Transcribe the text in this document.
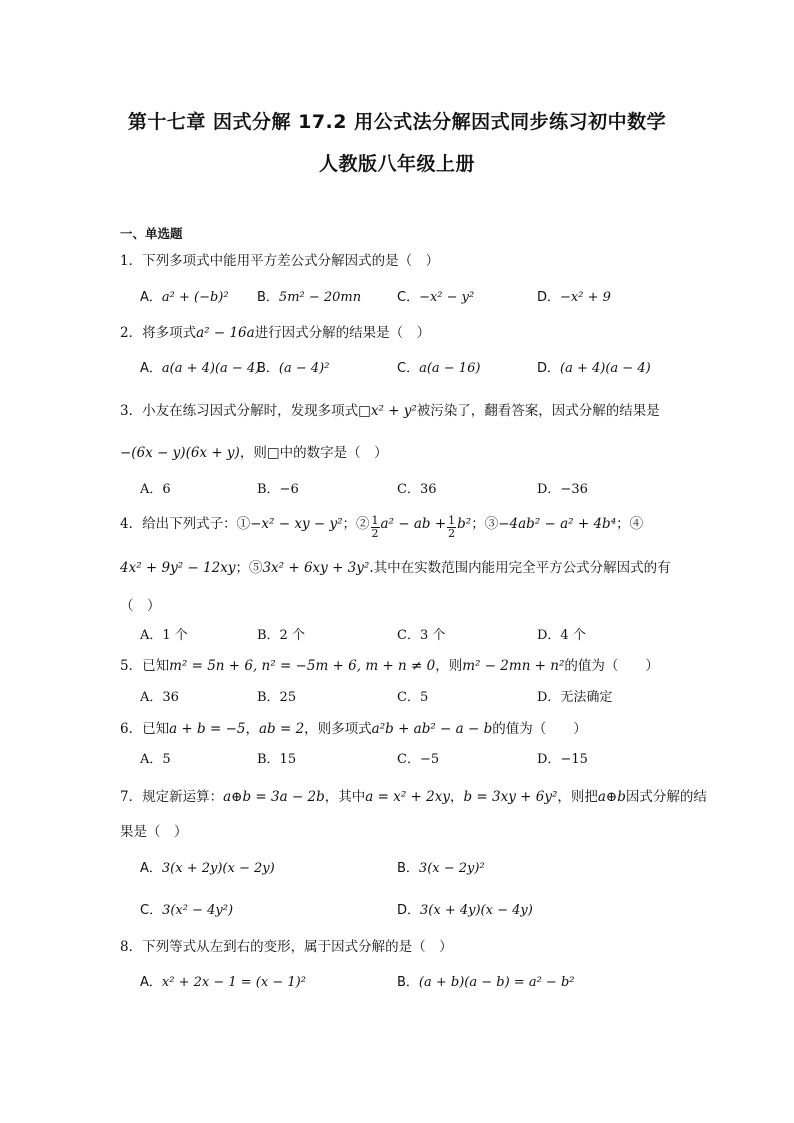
第十七章 因式分解 17.2 用公式法分解因式同步练习初中数学
人教版八年级上册
一、单选题
1．下列多项式中能用平方差公式分解因式的是（　）
A．a² + (−b)² B．5m² − 20mn	C．−x² − y²	D．−x² + 9
2．将多项式a² − 16a进行因式分解的结果是（　）
A．a(a + 4)(a − 4)
B．(a − 4)²	C．a(a − 16)	D．(a + 4)(a − 4)
3．小友在练习因式分解时，发现多项式□x² + y²被污染了，翻看答案，因式分解的结果是
−(6x − y)(6x + y)，则□中的数字是（　）
A．6	B．−6	C．36	D．−36
4．给出下列式子：①−x² − xy − y²；② $\frac{1}{2} a^2$ − ab + $\frac{1}{2} b^2$；③−4ab² − a² + 4b⁴；④
4x² + 9y² − 12xy；⑤3x² + 6xy + 3y².其中在实数范围内能用完全平方公式分解因式的有
（　）
A．1 个	B．2 个	C．3 个	D．4 个
5．已知m² = 5n + 6, n² = −5m + 6, m + n ≠ 0，则m² − 2mn + n²的值为（　　）
A．36	B．25	C．5	D．无法确定
6．已知a + b = −5，ab = 2，则多项式a²b + ab² − a − b的值为（　　）
A．5	B．15	C．−5	D．−15
7．规定新运算：a⊕b = 3a − 2b，其中a = x² + 2xy，b = 3xy + 6y²，则把a⊕b因式分解的结
果是（　）
A．3(x + 2y)(x − 2y)	B．3(x − 2y)²
C．3(x² − 4y²)	D．3(x + 4y)(x − 4y)
8．下列等式从左到右的变形，属于因式分解的是（　）
A．x² + 2x − 1 = (x − 1)²	B．(a + b)(a − b) = a² − b²
